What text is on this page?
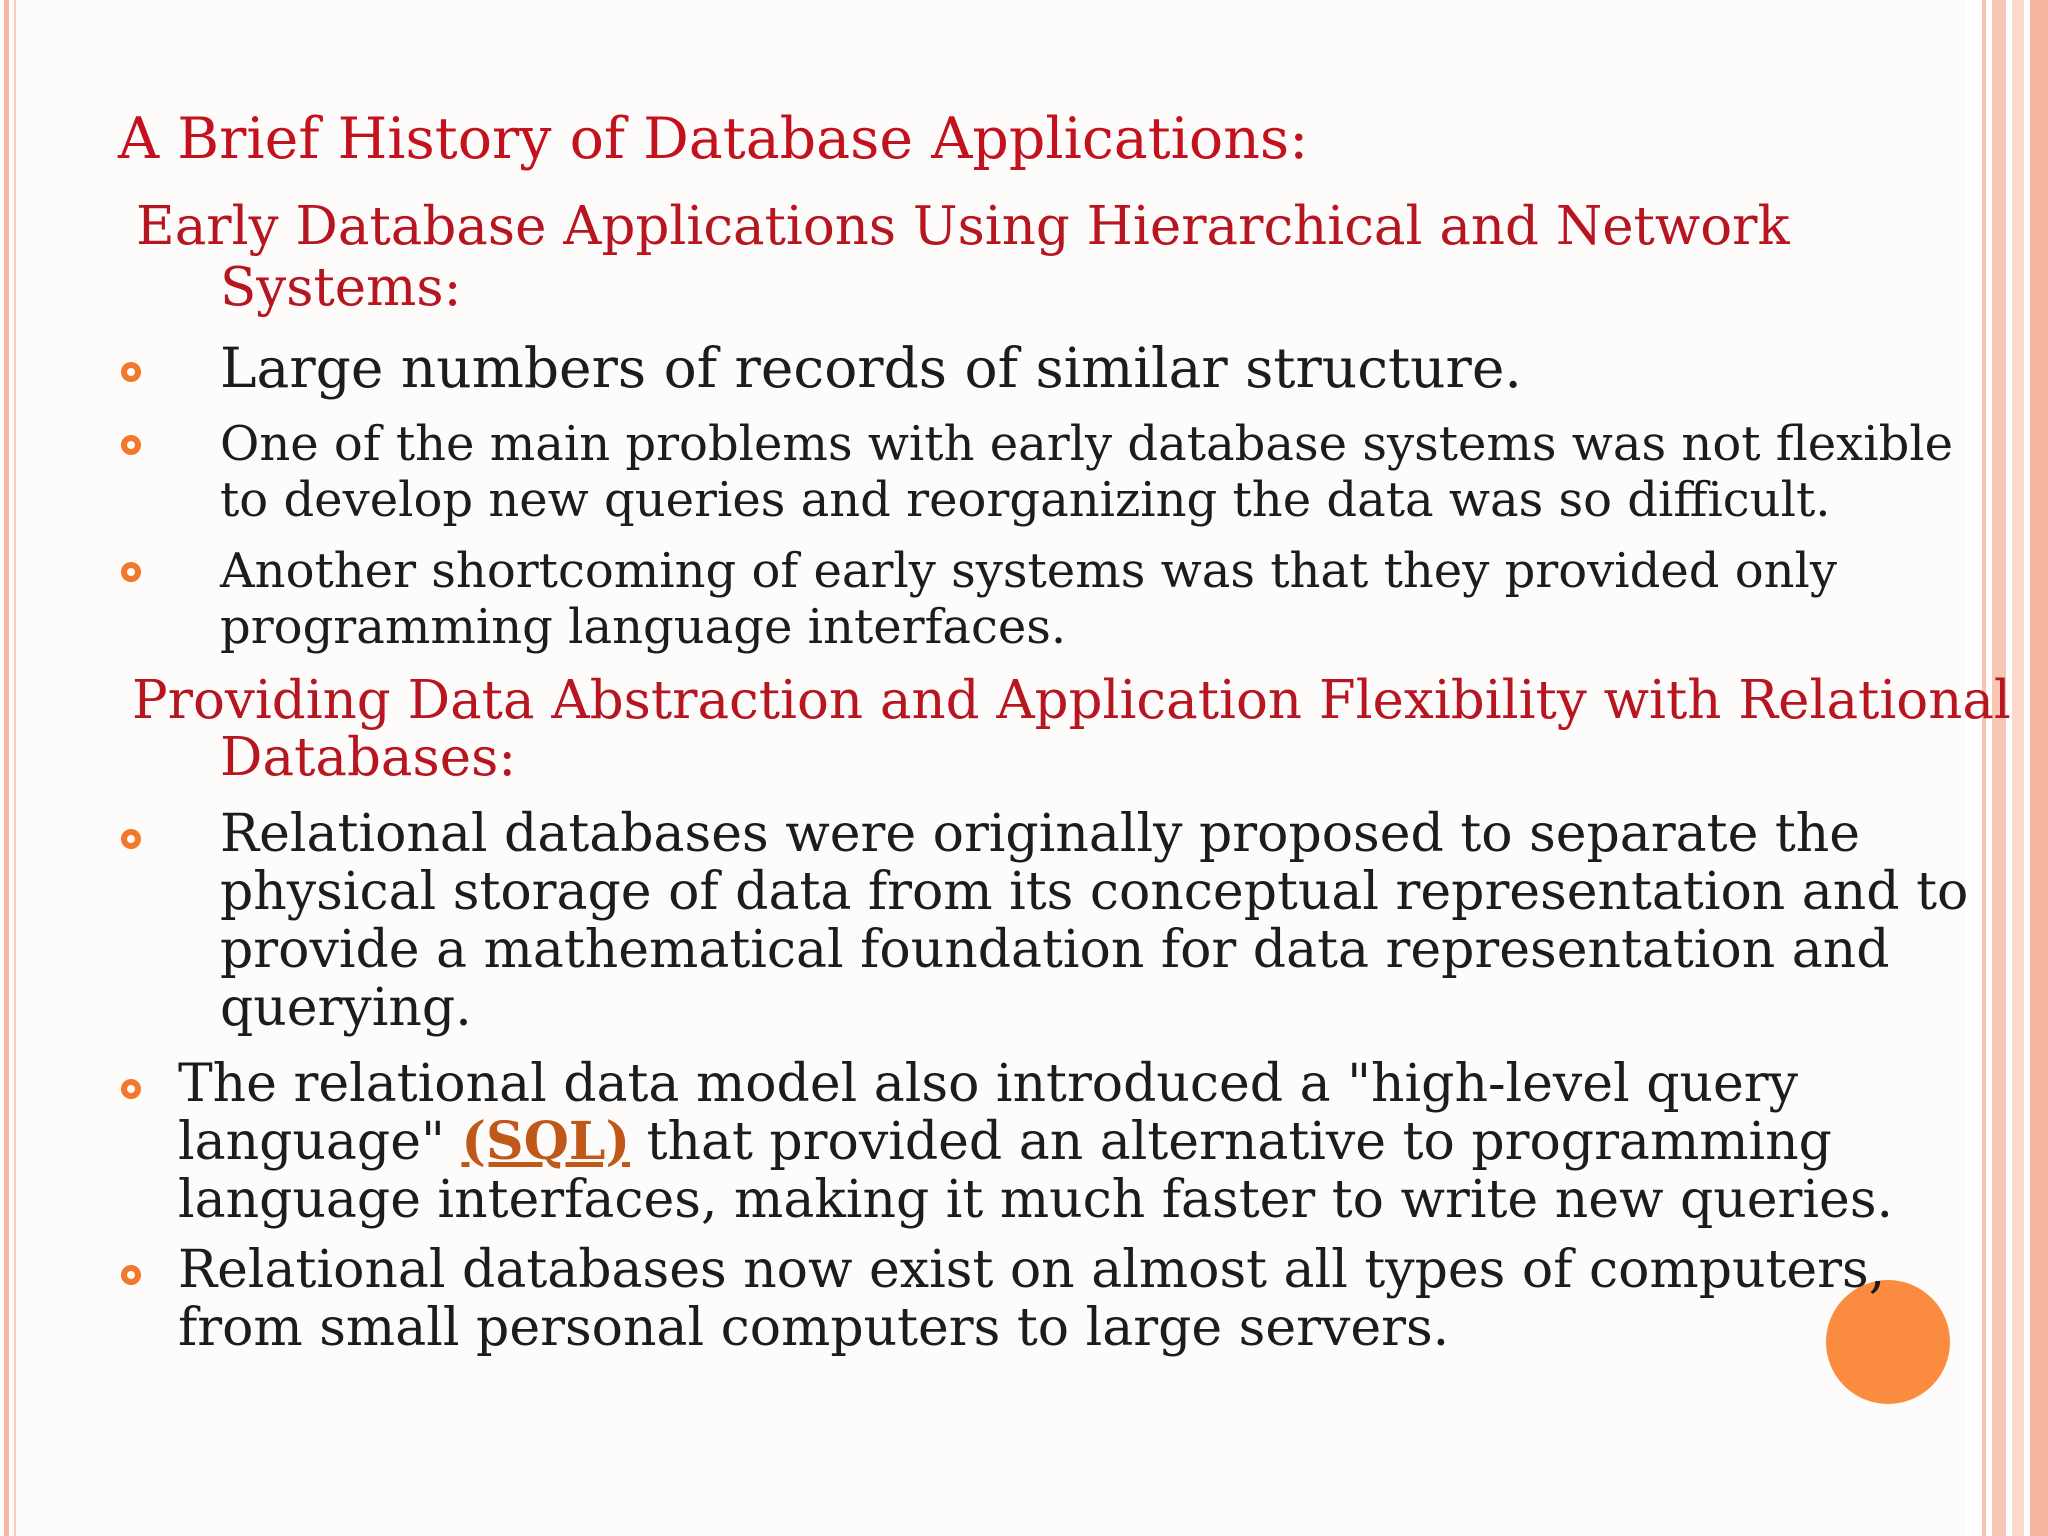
A Brief History of Database Applications:
Early Database Applications Using Hierarchical and Network
Systems:
Large numbers of records of similar structure.
One of the main problems with early database systems was not flexible
to develop new queries and reorganizing the data was so difficult.
Another shortcoming of early systems was that they provided only
programming language interfaces.
Providing Data Abstraction and Application Flexibility with Relational
Databases:
Relational databases were originally proposed to separate the
physical storage of data from its conceptual representation and to
provide a mathematical foundation for data representation and
querying.
The relational data model also introduced a "high-level query
language" (SQL) that provided an alternative to programming
language interfaces, making it much faster to write new queries.
Relational databases now exist on almost all types of computers,
from small personal computers to large servers.
